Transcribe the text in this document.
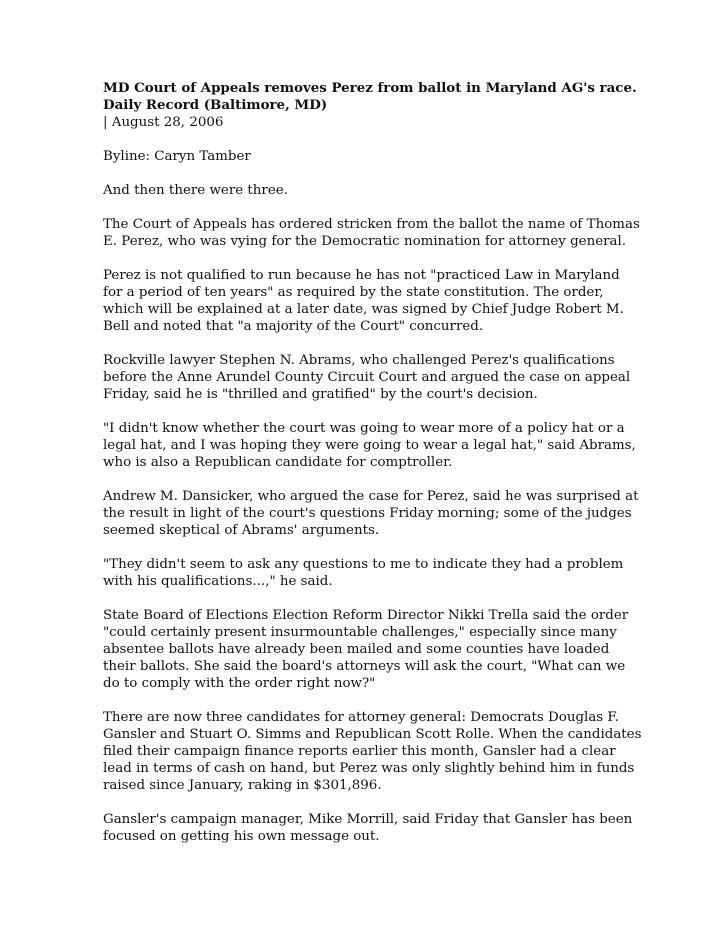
MD Court of Appeals removes Perez from ballot in Maryland AG's race.

Daily Record (Baltimore, MD)

| August 28, 2006

Byline: Caryn Tamber

And then there were three.

The Court of Appeals has ordered stricken from the ballot the name of Thomas E. Perez, who was vying for the Democratic nomination for attorney general.

Perez is not qualified to run because he has not "practiced Law in Maryland for a period of ten years" as required by the state constitution. The order, which will be explained at a later date, was signed by Chief Judge Robert M. Bell and noted that "a majority of the Court" concurred.

Rockville lawyer Stephen N. Abrams, who challenged Perez's qualifications before the Anne Arundel County Circuit Court and argued the case on appeal Friday, said he is "thrilled and gratified" by the court's decision.

"I didn't know whether the court was going to wear more of a policy hat or a legal hat, and I was hoping they were going to wear a legal hat," said Abrams, who is also a Republican candidate for comptroller.

Andrew M. Dansicker, who argued the case for Perez, said he was surprised at the result in light of the court's questions Friday morning; some of the judges seemed skeptical of Abrams' arguments.

"They didn't seem to ask any questions to me to indicate they had a problem with his qualifications...," he said.

State Board of Elections Election Reform Director Nikki Trella said the order "could certainly present insurmountable challenges," especially since many absentee ballots have already been mailed and some counties have loaded their ballots. She said the board's attorneys will ask the court, "What can we do to comply with the order right now?"

There are now three candidates for attorney general: Democrats Douglas F. Gansler and Stuart O. Simms and Republican Scott Rolle. When the candidates filed their campaign finance reports earlier this month, Gansler had a clear lead in terms of cash on hand, but Perez was only slightly behind him in funds raised since January, raking in $301,896.

Gansler's campaign manager, Mike Morrill, said Friday that Gansler has been focused on getting his own message out.
